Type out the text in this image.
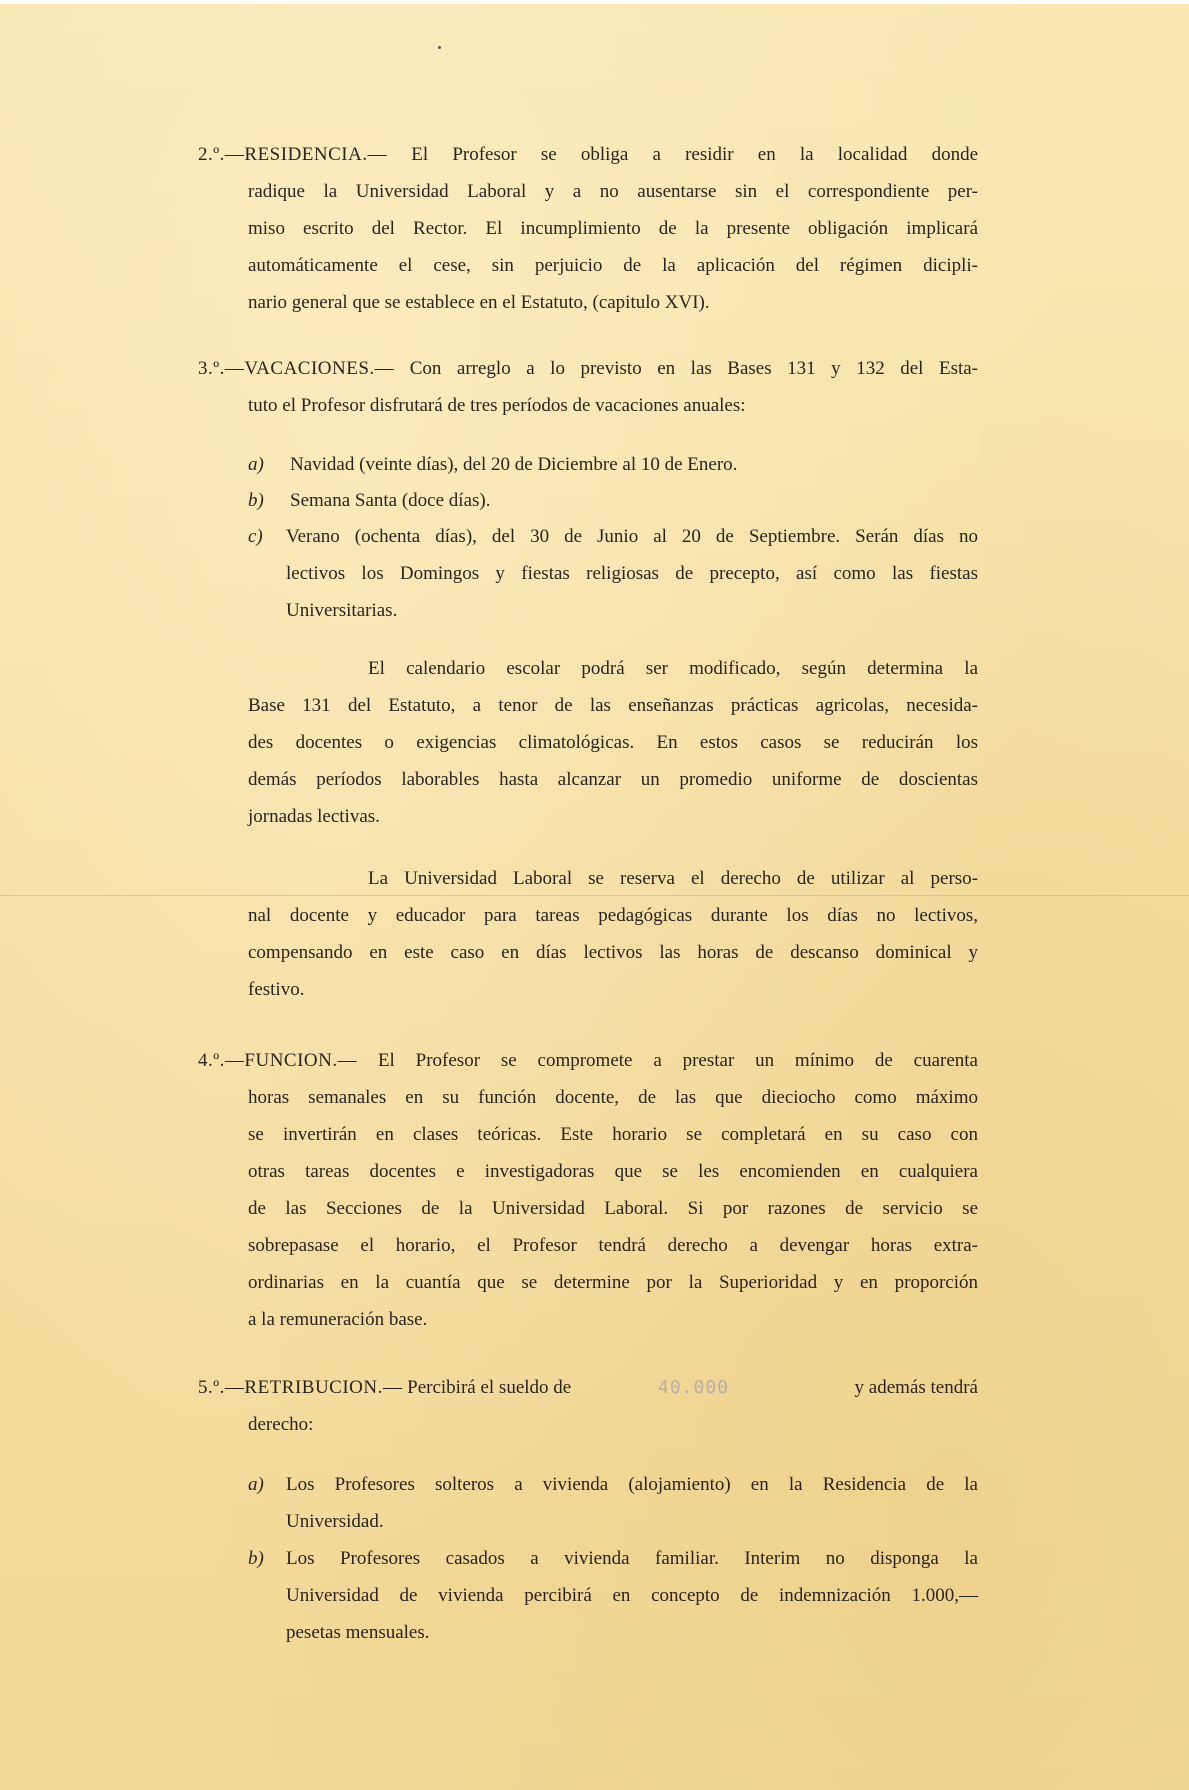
2.º.—RESIDENCIA.— El Profesor se obliga a residir en la localidad donde
radique la Universidad Laboral y a no ausentarse sin el correspondiente per-
miso escrito del Rector. El incumplimiento de la presente obligación implicará
automáticamente el cese, sin perjuicio de la aplicación del régimen dicipli-
nario general que se establece en el Estatuto, (capitulo XVI).
3.º.—VACACIONES.— Con arreglo a lo previsto en las Bases 131 y 132 del Esta-
tuto el Profesor disfrutará de tres períodos de vacaciones anuales:
a) Navidad (veinte días), del 20 de Diciembre al 10 de Enero.
b) Semana Santa (doce días).
c) Verano (ochenta días), del 30 de Junio al 20 de Septiembre. Serán días no
lectivos los Domingos y fiestas religiosas de precepto, así como las fiestas
Universitarias.
El calendario escolar podrá ser modificado, según determina la
Base 131 del Estatuto, a tenor de las enseñanzas prácticas agricolas, necesida-
des docentes o exigencias climatológicas. En estos casos se reducirán los
demás períodos laborables hasta alcanzar un promedio uniforme de doscientas
jornadas lectivas.
La Universidad Laboral se reserva el derecho de utilizar al perso-
nal docente y educador para tareas pedagógicas durante los días no lectivos,
compensando en este caso en días lectivos las horas de descanso dominical y
festivo.
4.º.—FUNCION.— El Profesor se compromete a prestar un mínimo de cuarenta
horas semanales en su función docente, de las que dieciocho como máximo
se invertirán en clases teóricas. Este horario se completará en su caso con
otras tareas docentes e investigadoras que se les encomienden en cualquiera
de las Secciones de la Universidad Laboral. Si por razones de servicio se
sobrepasase el horario, el Profesor tendrá derecho a devengar horas extra-
ordinarias en la cuantía que se determine por la Superioridad y en proporción
a la remuneración base.
5.º.—RETRIBUCION.— Percibirá el sueldo de	40.000	y además tendrá
derecho:
a) Los Profesores solteros a vivienda (alojamiento) en la Residencia de la
Universidad.
b) Los Profesores casados a vivienda familiar. Interim no disponga la
Universidad de vivienda percibirá en concepto de indemnización 1.000,—
pesetas mensuales.
